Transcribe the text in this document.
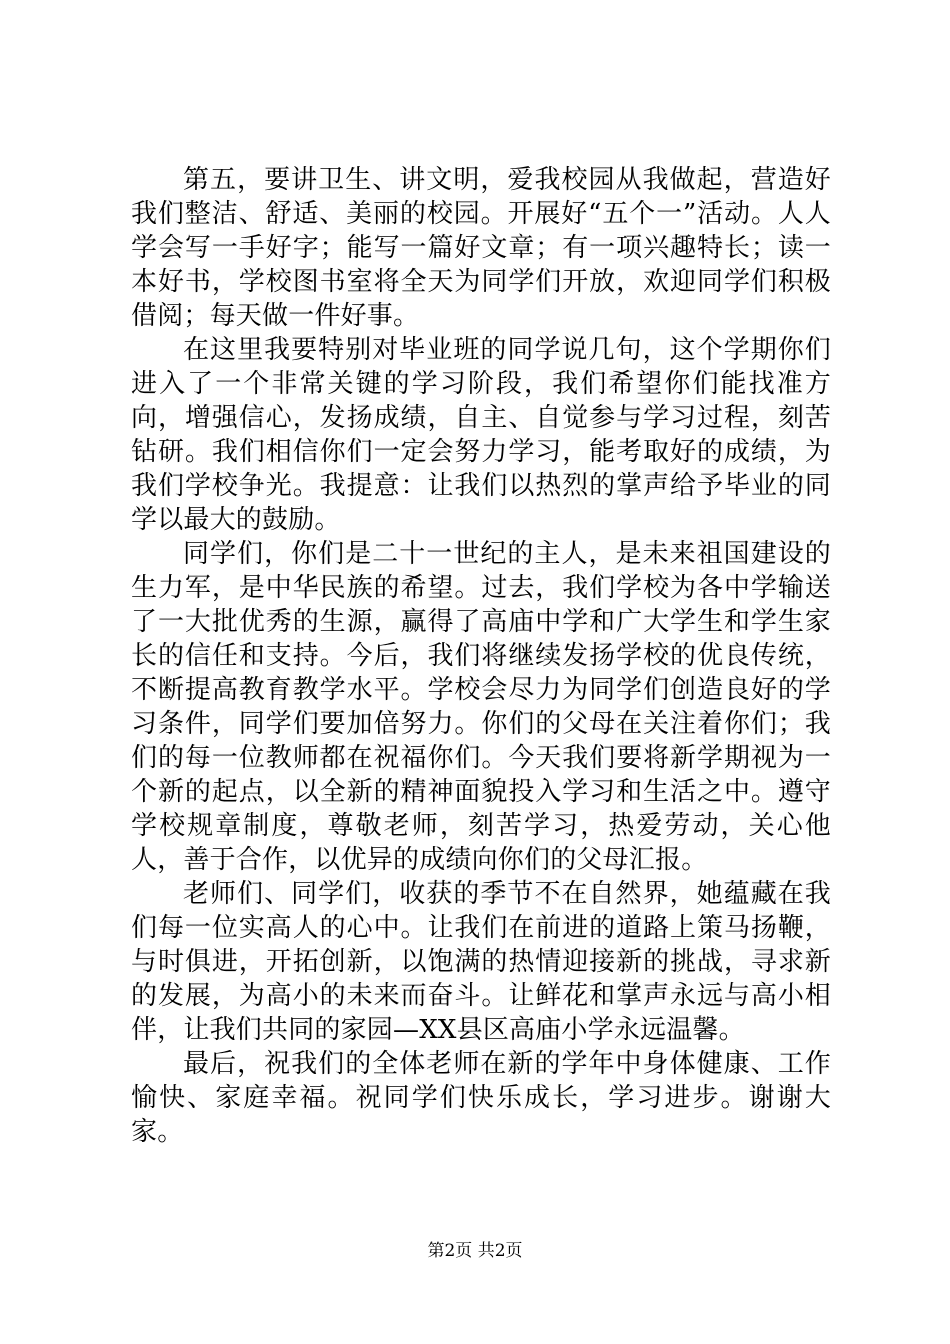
第五，要讲卫生、讲文明，爱我校园从我做起，营造好我们整洁、舒适、美丽的校园。开展好“五个一”活动。人人学会写一手好字；能写一篇好文章；有一项兴趣特长；读一本好书，学校图书室将全天为同学们开放，欢迎同学们积极借阅；每天做一件好事。

在这里我要特别对毕业班的同学说几句，这个学期你们进入了一个非常关键的学习阶段，我们希望你们能找准方向，增强信心，发扬成绩，自主、自觉参与学习过程，刻苦钻研。我们相信你们一定会努力学习，能考取好的成绩，为我们学校争光。我提意：让我们以热烈的掌声给予毕业的同学以最大的鼓励。

同学们，你们是二十一世纪的主人，是未来祖国建设的生力军，是中华民族的希望。过去，我们学校为各中学输送了一大批优秀的生源，赢得了高庙中学和广大学生和学生家长的信任和支持。今后，我们将继续发扬学校的优良传统，不断提高教育教学水平。学校会尽力为同学们创造良好的学习条件，同学们要加倍努力。你们的父母在关注着你们；我们的每一位教师都在祝福你们。今天我们要将新学期视为一个新的起点，以全新的精神面貌投入学习和生活之中。遵守学校规章制度，尊敬老师，刻苦学习，热爱劳动，关心他人，善于合作，以优异的成绩向你们的父母汇报。

老师们、同学们，收获的季节不在自然界，她蕴藏在我们每一位实高人的心中。让我们在前进的道路上策马扬鞭，与时俱进，开拓创新，以饱满的热情迎接新的挑战，寻求新的发展，为高小的未来而奋斗。让鲜花和掌声永远与高小相伴，让我们共同的家园—XX县区高庙小学永远温馨。

最后，祝我们的全体老师在新的学年中身体健康、工作愉快、家庭幸福。祝同学们快乐成长，学习进步。谢谢大家。

第2页 共2页
